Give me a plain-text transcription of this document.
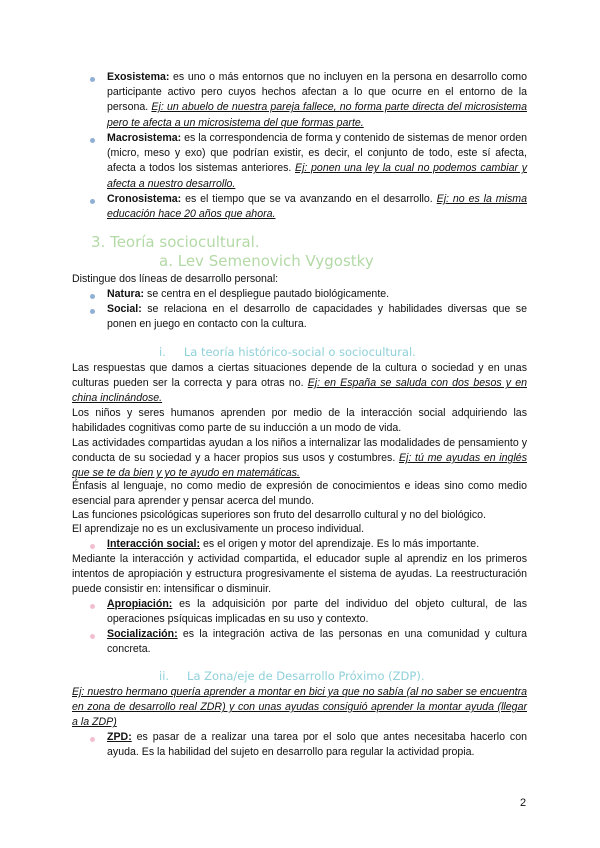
Exosistema: es uno o más entornos que no incluyen en la persona en desarrollo como participante activo pero cuyos hechos afectan a lo que ocurre en el entorno de la persona. Ej: un abuelo de nuestra pareja fallece, no forma parte directa del microsistema pero te afecta a un microsistema del que formas parte.

Macrosistema: es la correspondencia de forma y contenido de sistemas de menor orden (micro, meso y exo) que podrían existir, es decir, el conjunto de todo, este sí afecta, afecta a todos los sistemas anteriores. Ej: ponen una ley la cual no podemos cambiar y afecta a nuestro desarrollo.

Cronosistema: es el tiempo que se va avanzando en el desarrollo. Ej: no es la misma educación hace 20 años que ahora.

3. Teoría sociocultural.
a. Lev Semenovich Vygostky

Distingue dos líneas de desarrollo personal:

Natura: se centra en el despliegue pautado biológicamente.

Social: se relaciona en el desarrollo de capacidades y habilidades diversas que se ponen en juego en contacto con la cultura.

i. La teoría histórico-social o sociocultural.

Las respuestas que damos a ciertas situaciones depende de la cultura o sociedad y en unas culturas pueden ser la correcta y para otras no. Ej: en España se saluda con dos besos y en china inclinándose.

Los niños y seres humanos aprenden por medio de la interacción social adquiriendo las habilidades cognitivas como parte de su inducción a un modo de vida.

Las actividades compartidas ayudan a los niños a internalizar las modalidades de pensamiento y conducta de su sociedad y a hacer propios sus usos y costumbres. Ej: tú me ayudas en inglés que se te da bien y yo te ayudo en matemáticas.

Énfasis al lenguaje, no como medio de expresión de conocimientos e ideas sino como medio esencial para aprender y pensar acerca del mundo.

Las funciones psicológicas superiores son fruto del desarrollo cultural y no del biológico.

El aprendizaje no es un exclusivamente un proceso individual.

Interacción social: es el origen y motor del aprendizaje. Es lo más importante.

Mediante la interacción y actividad compartida, el educador suple al aprendiz en los primeros intentos de apropiación y estructura progresivamente el sistema de ayudas. La reestructuración puede consistir en: intensificar o disminuir.

Apropiación: es la adquisición por parte del individuo del objeto cultural, de las operaciones psíquicas implicadas en su uso y contexto.

Socialización: es la integración activa de las personas en una comunidad y cultura concreta.

ii. La Zona/eje de Desarrollo Próximo (ZDP).

Ej: nuestro hermano quería aprender a montar en bici ya que no sabía (al no saber se encuentra en zona de desarrollo real ZDR) y con unas ayudas consiguió aprender la montar ayuda (llegar a la ZDP)

ZPD: es pasar de a realizar una tarea por el solo que antes necesitaba hacerlo con ayuda. Es la habilidad del sujeto en desarrollo para regular la actividad propia.

2
